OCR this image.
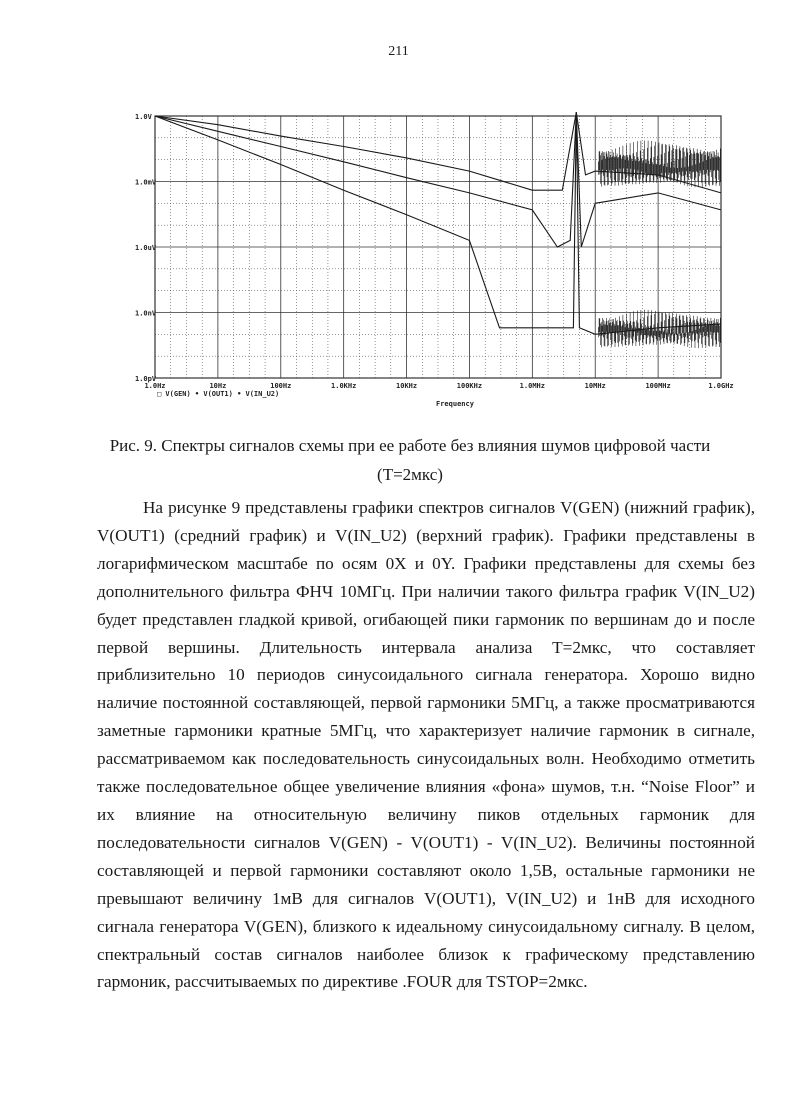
211
1.0V
1.0mV
1.0uV
1.0nV
1.0pV
1.0Hz	10Hz	100Hz	1.0KHz	10KHz	100KHz	1.0MHz	10MHz	100MHz	1.0GHz
□ V(GEN) • V(OUT1) • V(IN_U2)
Frequency
Рис. 9. Спектры сигналов схемы при ее работе без влияния шумов цифровой части
(T=2мкс)

На рисунке 9 представлены графики спектров сигналов V(GEN) (нижний график), V(OUT1) (средний график) и V(IN_U2) (верхний график). Графики представлены в логарифмическом масштабе по осям 0X и 0Y. Графики представлены для схемы без дополнительного фильтра ФНЧ 10МГц. При наличии такого фильтра график V(IN_U2) будет представлен гладкой кривой, огибающей пики гармоник по вершинам до и после первой вершины. Длительность интервала анализа T=2мкс, что составляет приблизительно 10 периодов синусоидального сигнала генератора. Хорошо видно наличие постоянной составляющей, первой гармоники 5МГц, а также просматриваются заметные гармоники кратные 5МГц, что характеризует наличие гармоник в сигнале, рассматриваемом как последовательность синусоидальных волн. Необходимо отметить также последовательное общее увеличение влияния «фона» шумов, т.н. “Noise Floor” и их влияние на относительную величину пиков отдельных гармоник для последовательности сигналов V(GEN) - V(OUT1) - V(IN_U2). Величины постоянной составляющей и первой гармоники составляют около 1,5В, остальные гармоники не превышают величину 1мВ для сигналов V(OUT1), V(IN_U2) и 1нВ для исходного сигнала генератора V(GEN), близкого к идеальному синусоидальному сигналу. В целом, спектральный состав сигналов наиболее близок к графическому представлению гармоник, рассчитываемых по директиве .FOUR для TSTOP=2мкс.
